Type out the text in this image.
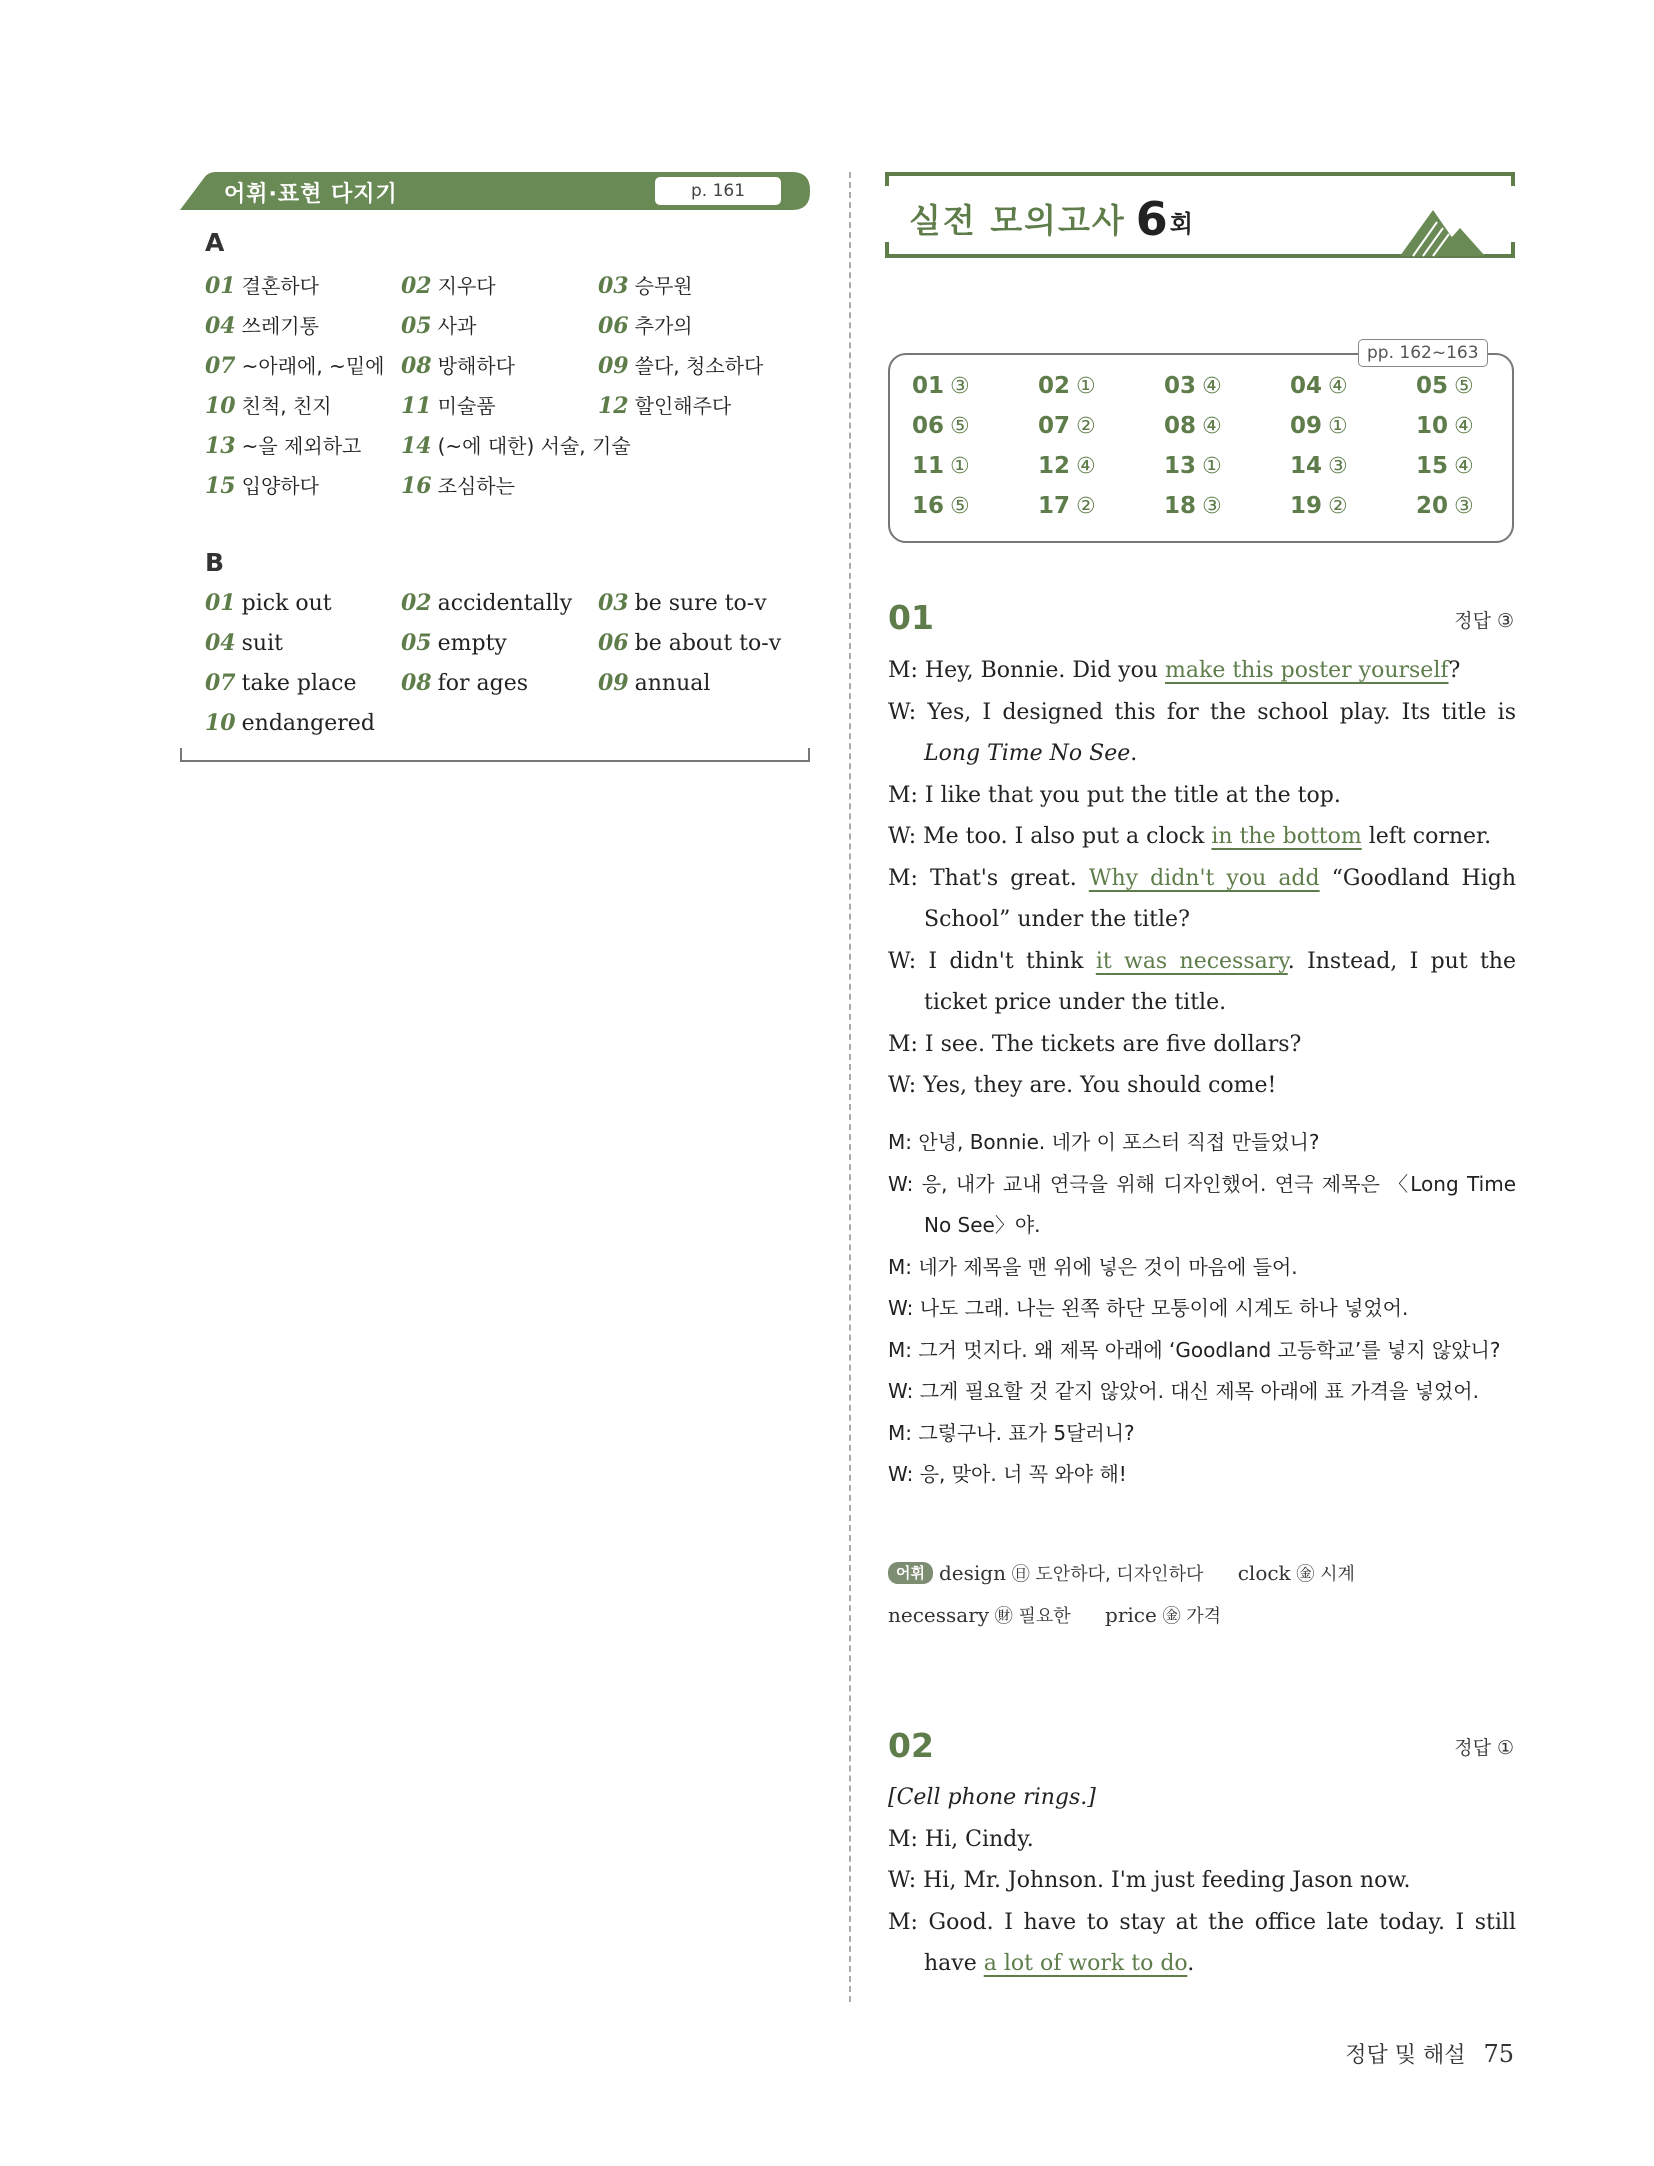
어휘·표현 다지기	p. 161
A
01 결혼하다	02 지우다	03 승무원
04 쓰레기통	05 사과	06 추가의
07 ~아래에, ~밑에 08 방해하다	09 쓸다, 청소하다
10 친척, 친지	11 미술품	12 할인해주다
13 ~을 제외하고	14 (~에 대한) 서술, 기술
15 입양하다	16 조심하는
B
01 pick out	02 accidentally	03 be sure to-v
04 suit	05 empty	06 be about to-v
07 take place	08 for ages	09 annual
10 endangered
실전 모의고사 6회
pp. 162~163
01 ③	02 ①	03 ④	04 ④	05 ⑤
06 ⑤	07 ②	08 ④	09 ①	10 ④
11 ①	12 ④	13 ①	14 ③	15 ④
16 ⑤	17 ②	18 ③	19 ②	20 ③
01	정답 ③
M: Hey, Bonnie. Did you make this poster yourself?
W: Yes, I designed this for the school play. Its title is Long Time No See.
M: I like that you put the title at the top.
W: Me too. I also put a clock in the bottom left corner.
M: That's great. Why didn't you add “Goodland High School” under the title?
W: I didn't think it was necessary. Instead, I put the ticket price under the title.
M: I see. The tickets are five dollars?
W: Yes, they are. You should come!
M: 안녕, Bonnie. 네가 이 포스터 직접 만들었니?
W: 응, 내가 교내 연극을 위해 디자인했어. 연극 제목은 〈Long Time No See〉야.
M: 네가 제목을 맨 위에 넣은 것이 마음에 들어.
W: 나도 그래. 나는 왼쪽 하단 모퉁이에 시계도 하나 넣었어.
M: 그거 멋지다. 왜 제목 아래에 ‘Goodland 고등학교’를 넣지 않았니?
W: 그게 필요할 것 같지 않았어. 대신 제목 아래에 표 가격을 넣었어.
M: 그렇구나. 표가 5달러니?
W: 응, 맞아. 너 꼭 와야 해!
어휘 design ㊐ 도안하다, 디자인하다 clock ㊎ 시계 necessary ㊖ 필요한 price ㊎ 가격
02	정답 ①
[Cell phone rings.]
M: Hi, Cindy.
W: Hi, Mr. Johnson. I'm just feeding Jason now.
M: Good. I have to stay at the office late today. I still have a lot of work to do.
정답 및 해설 75
